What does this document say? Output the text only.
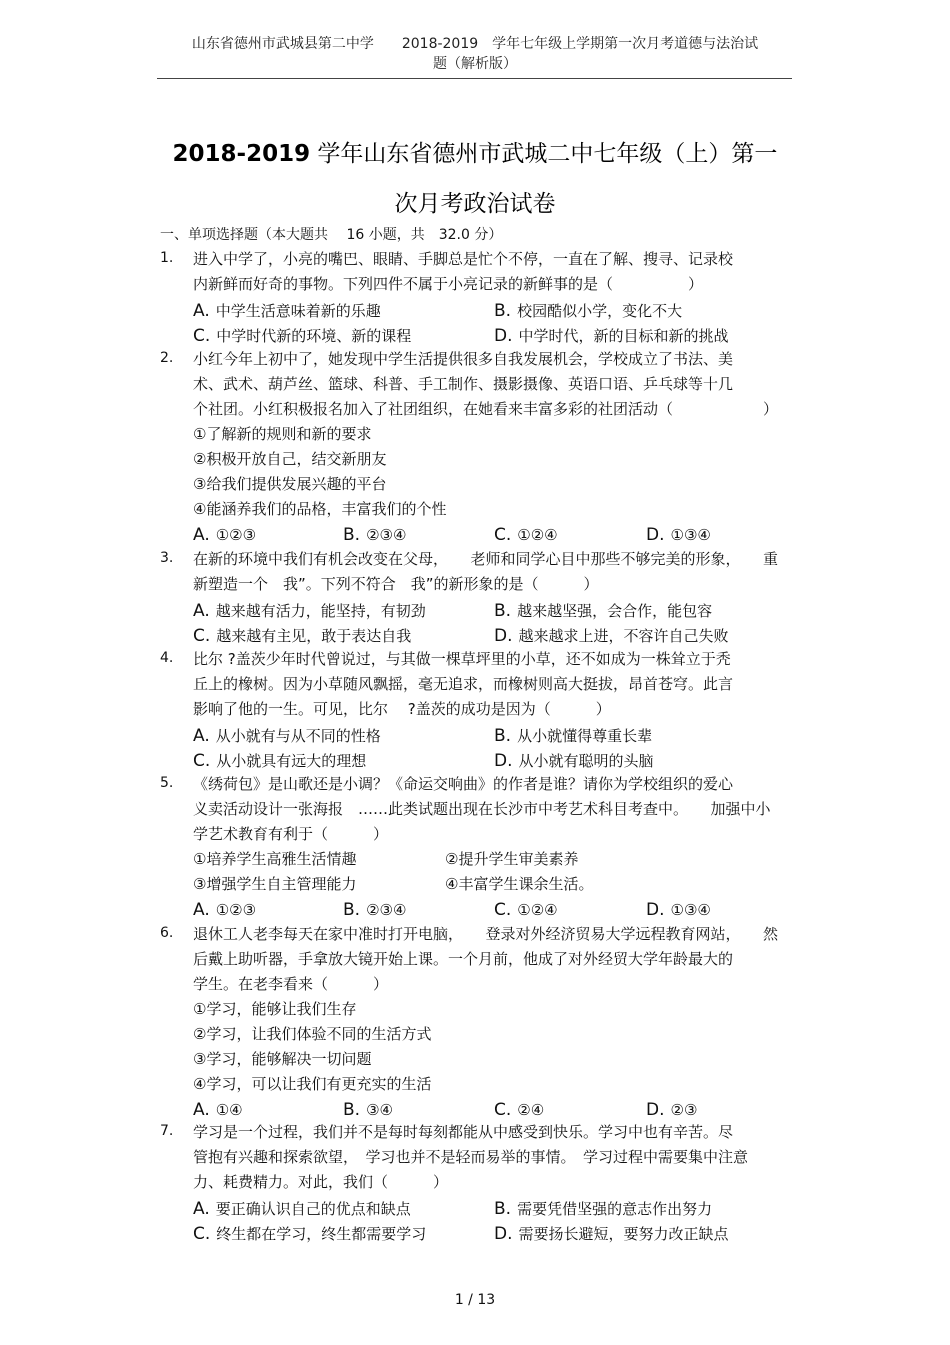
山东省德州市武城县第二中学　　2018-2019　学年七年级上学期第一次月考道德与法治试
题（解析版）
2018-2019 学年山东省德州市武城二中七年级（上）第一
次月考政治试卷
一、单项选择题（本大题共　 16 小题，共　32.0 分）
1. 进入中学了，小亮的嘴巴、眼睛、手脚总是忙个不停，一直在了解、搜寻、记录校
内新鲜而好奇的事物。下列四件不属于小亮记录的新鲜事的是（　　　　　）
A. 中学生活意味着新的乐趣	B. 校园酷似小学，变化不大
C. 中学时代新的环境、新的课程	D. 中学时代，新的目标和新的挑战
2. 小红今年上初中了，她发现中学生活提供很多自我发展机会，学校成立了书法、美
术、武术、葫芦丝、篮球、科普、手工制作、摄影摄像、英语口语、乒乓球等十几
个社团。小红积极报名加入了社团组织，在她看来丰富多彩的社团活动（　　　　　　）
①了解新的规则和新的要求
②积极开放自己，结交新朋友
③给我们提供发展兴趣的平台
④能涵养我们的品格，丰富我们的个性
A. ①②③	B. ②③④	C. ①②④	D. ①③④
3. 在新的环境中我们有机会改变在父母，　　老师和同学心目中那些不够完美的形象，　　重
新塑造一个　我”。下列不符合　我”的新形象的是（　　　）
A. 越来越有活力，能坚持，有韧劲	B. 越来越坚强，会合作，能包容
C. 越来越有主见，敢于表达自我	D. 越来越求上进，不容许自己失败
4. 比尔 ?盖茨少年时代曾说过，与其做一棵草坪里的小草，还不如成为一株耸立于秃
丘上的橡树。因为小草随风飘摇，毫无追求，而橡树则高大挺拔，昂首苍穹。此言
影响了他的一生。可见，比尔　 ?盖茨的成功是因为（　　　）
A. 从小就有与从不同的性格	B. 从小就懂得尊重长辈
C. 从小就具有远大的理想	D. 从小就有聪明的头脑
5. 《绣荷包》是山歌还是小调？《命运交响曲》的作者是谁？请你为学校组织的爱心
义卖活动设计一张海报　……此类试题出现在长沙市中考艺术科目考查中。　　加强中小
学艺术教育有利于（　　　）
①培养学生高雅生活情趣	②提升学生审美素养
③增强学生自主管理能力	④丰富学生课余生活。
A. ①②③	B. ②③④	C. ①②④	D. ①③④
6. 退休工人老李每天在家中准时打开电脑，　　登录对外经济贸易大学远程教育网站，　　然
后戴上助听器，手拿放大镜开始上课。一个月前，他成了对外经贸大学年龄最大的
学生。在老李看来（　　　）
①学习，能够让我们生存
②学习，让我们体验不同的生活方式
③学习，能够解决一切问题
④学习，可以让我们有更充实的生活
A. ①④	B. ③④	C. ②④	D. ②③
7. 学习是一个过程，我们并不是每时每刻都能从中感受到快乐。学习中也有辛苦。尽
管抱有兴趣和探索欲望，　学习也并不是轻而易举的事情。　学习过程中需要集中注意
力、耗费精力。对此，我们（　　　）
A. 要正确认识自己的优点和缺点	B. 需要凭借坚强的意志作出努力
C. 终生都在学习，终生都需要学习	D. 需要扬长避短，要努力改正缺点
1 / 13
